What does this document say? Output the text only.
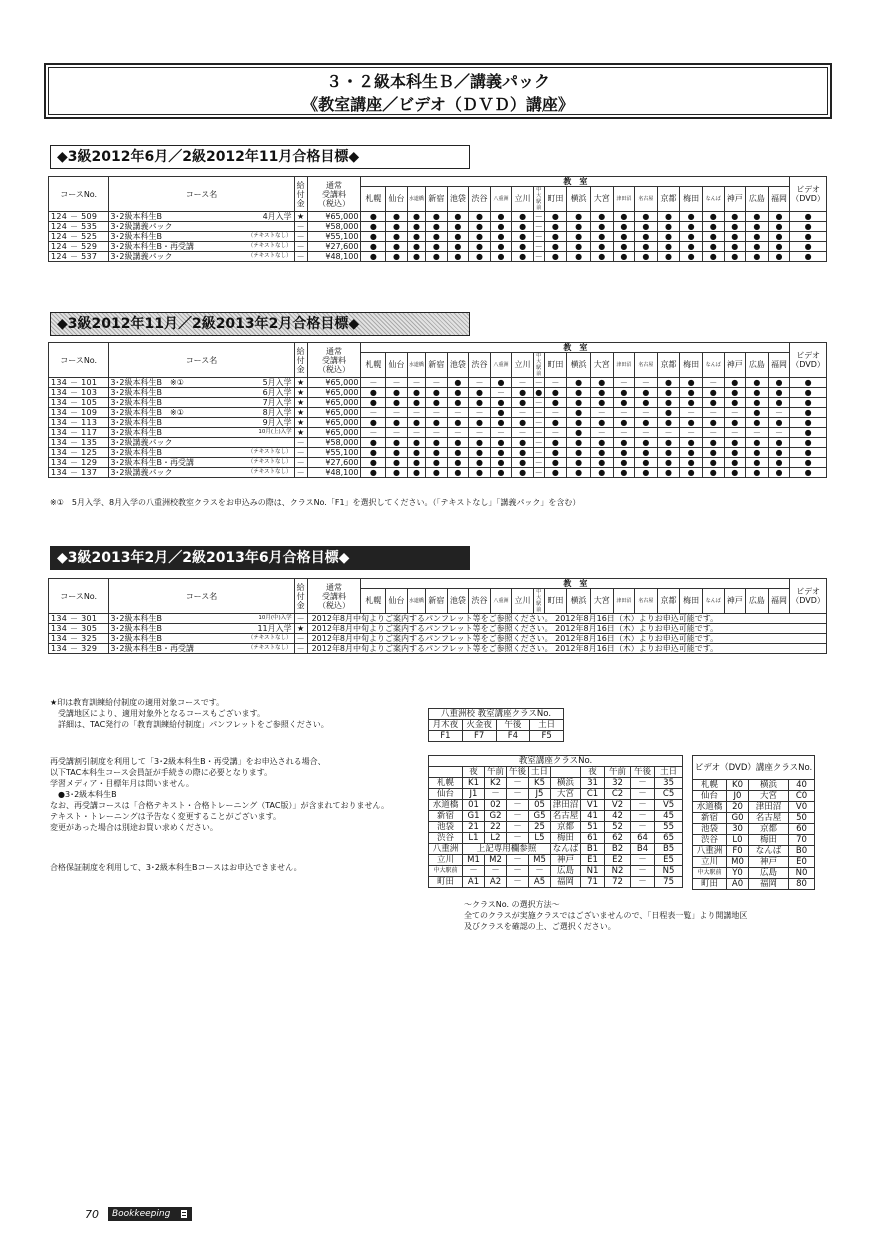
３・２級本科生Ｂ／講義パック
《教室講座／ビデオ（ＤＶＤ）講座》
◆3級2012年6月／2級2012年11月合格目標◆
コースNo.	コース名	給
付
金	通常
受講料
（税込）	教　室																				ビデオ
（DVD）
				札幌	仙台	水道橋	新宿	池袋	渋谷	八重洲	立川	中大駅前	町田	横浜	大宮	津田沼	名古屋	京都	梅田	なんば	神戸	広島	福岡	
124 － 509	3･2級本科生B 4月入学	★	¥65,000	●	●	●	●	●	●	●	●	－	●	●	●	●	●	●	●	●	●	●	●	●
124 － 535	3･2級講義パック	－	¥58,000	●	●	●	●	●	●	●	●	－	●	●	●	●	●	●	●	●	●	●	●	●
124 － 525	3･2級本科生B （テキストなし）	－	¥55,100	●	●	●	●	●	●	●	●	－	●	●	●	●	●	●	●	●	●	●	●	●
124 － 529	3･2級本科生B・再受講 （テキストなし）	－	¥27,600	●	●	●	●	●	●	●	●	－	●	●	●	●	●	●	●	●	●	●	●	●
124 － 537	3･2級講義パック （テキストなし）	－	¥48,100	●	●	●	●	●	●	●	●	－	●	●	●	●	●	●	●	●	●	●	●	●
◆3級2012年11月／2級2013年2月合格目標◆
コースNo.	コース名	給
付
金	通常
受講料
（税込）	教　室																				ビデオ
（DVD）
				札幌	仙台	水道橋	新宿	池袋	渋谷	八重洲	立川	中大駅前	町田	横浜	大宮	津田沼	名古屋	京都	梅田	なんば	神戸	広島	福岡	
134 － 101	3･2級本科生B　※① 5月入学	★	¥65,000	－	－	－	－	●	－	●	－	－	－	●	●	－	－	●	●	－	●	●	●	●
134 － 103	3･2級本科生B 6月入学	★	¥65,000	●	●	●	●	●	●	－	●	●	●	●	●	●	●	●	●	●	●	●	●	●
134 － 105	3･2級本科生B 7月入学	★	¥65,000	●	●	●	●	●	●	●	●	－	●	●	●	●	●	●	●	●	●	●	●	●
134 － 109	3･2級本科生B　※① 8月入学	★	¥65,000	－	－	－	－	－	－	●	－	－	－	●	－	－	－	●	－	－	－	●	－	●
134 － 113	3･2級本科生B 9月入学	★	¥65,000	●	●	●	●	●	●	●	●	－	●	●	●	●	●	●	●	●	●	●	●	●
134 － 117	3･2級本科生B 10月(上)入学	★	¥65,000	－	－	－	－	－	－	－	－	－	－	●	－	－	－	－	－	－	－	－	－	●
134 － 135	3･2級講義パック	－	¥58,000	●	●	●	●	●	●	●	●	－	●	●	●	●	●	●	●	●	●	●	●	●
134 － 125	3･2級本科生B （テキストなし）	－	¥55,100	●	●	●	●	●	●	●	●	－	●	●	●	●	●	●	●	●	●	●	●	●
134 － 129	3･2級本科生B・再受講 （テキストなし）	－	¥27,600	●	●	●	●	●	●	●	●	－	●	●	●	●	●	●	●	●	●	●	●	●
134 － 137	3･2級講義パック （テキストなし）	－	¥48,100	●	●	●	●	●	●	●	●	－	●	●	●	●	●	●	●	●	●	●	●	●
※①　5月入学、8月入学の八重洲校教室クラスをお申込みの際は、クラスNo.「F1」を選択してください。（「テキストなし」「講義パック」を含む）
◆3級2013年2月／2級2013年6月合格目標◆
コースNo.	コース名	給
付
金	通常
受講料
（税込）	教　室																				ビデオ
（DVD）
				札幌	仙台	水道橋	新宿	池袋	渋谷	八重洲	立川	中大駅前	町田	横浜	大宮	津田沼	名古屋	京都	梅田	なんば	神戸	広島	福岡	
134 － 301	3･2級本科生B 10月(中)入学	－	2012年8月中旬よりご案内するパンフレット等をご参照ください。 2012年8月16日（木）よりお申込可能です。																					
134 － 305	3･2級本科生B 11月入学	★	2012年8月中旬よりご案内するパンフレット等をご参照ください。 2012年8月16日（木）よりお申込可能です。																					
134 － 325	3･2級本科生B （テキストなし）	－	2012年8月中旬よりご案内するパンフレット等をご参照ください。 2012年8月16日（木）よりお申込可能です。																					
134 － 329	3･2級本科生B・再受講 （テキストなし）	－	2012年8月中旬よりご案内するパンフレット等をご参照ください。 2012年8月16日（木）よりお申込可能です。																					
★印は教育訓練給付制度の適用対象コースです。
　受講地区により、適用対象外となるコースもございます。
　詳細は、TAC発行の「教育訓練給付制度」パンフレットをご参照ください。
再受講割引制度を利用して「3･2級本科生B・再受講」をお申込される場合、
以下TAC本科生コース会員証が手続きの際に必要となります。
学習メディア・目標年月は問いません。
　●3･2級本科生B
なお、再受講コースは「合格テキスト・合格トレーニング（TAC版）」が含まれておりません。
テキスト・トレーニングは予告なく変更することがございます。
変更があった場合は別途お買い求めください。
合格保証制度を利用して、3･2級本科生Bコースはお申込できません。
八重洲校 教室講座クラスNo.			
月木夜	火金夜	午後	土日
F1	F7	F4	F5
教室講座クラスNo.									
	夜	午前	午後	土日		夜	午前	午後	土日
札幌	K1	K2	－	K5	横浜	31	32	－	35
仙台	J1	－	－	J5	大宮	C1	C2	－	C5
水道橋	01	02	－	05	津田沼	V1	V2	－	V5
新宿	G1	G2	－	G5	名古屋	41	42	－	45
池袋	21	22	－	25	京都	51	52	－	55
渋谷	L1	L2	－	L5	梅田	61	62	64	65
八重洲	上記専用欄参照				なんば	B1	B2	B4	B5
立川	M1	M2	－	M5	神戸	E1	E2	－	E5
中大駅前	－	－	－	－	広島	N1	N2	－	N5
町田	A1	A2	－	A5	福岡	71	72	－	75
ビデオ（DVD）講座クラスNo.			
札幌	K0	横浜	40
仙台	J0	大宮	C0
水道橋	20	津田沼	V0
新宿	G0	名古屋	50
池袋	30	京都	60
渋谷	L0	梅田	70
八重洲	F0	なんば	B0
立川	M0	神戸	E0
中大駅前	Y0	広島	N0
町田	A0	福岡	80
～クラスNo. の選択方法～
全てのクラスが実施クラスではございませんので、「日程表一覧」より開講地区
及びクラスを確認の上、ご選択ください。
70	Bookkeeping
